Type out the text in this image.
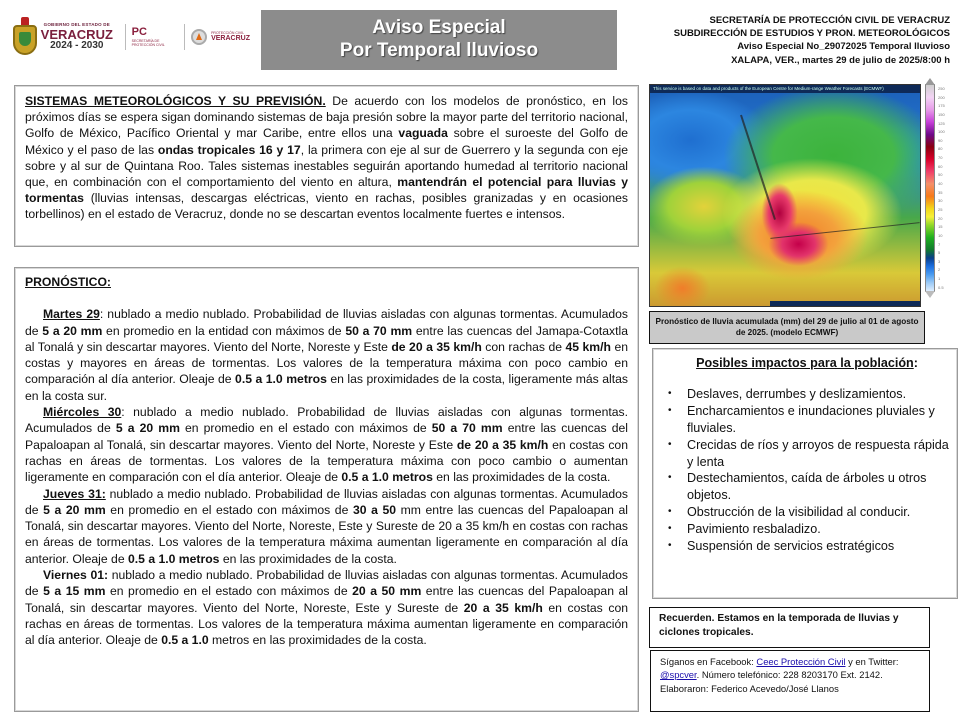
GOBIERNO DEL ESTADO DE
VERACRUZ
2024 - 2030
PC
SECRETARÍA DE PROTECCIÓN CIVIL
PROTECCIÓN CIVIL
VERACRUZ
Aviso Especial
Por Temporal lluvioso
SECRETARÍA DE PROTECCIÓN CIVIL DE VERACRUZ
SUBDIRECCIÓN DE ESTUDIOS Y PRON. METEOROLÓGICOS
Aviso Especial No_29072025 Temporal lluvioso
XALAPA, VER., martes 29 de julio de 2025/8:00 h
SISTEMAS METEOROLÓGICOS Y SU PREVISIÓN. De acuerdo con los modelos de pronóstico, en los próximos días se espera sigan dominando sistemas de baja presión sobre la mayor parte del territorio nacional, Golfo de México, Pacífico Oriental y mar Caribe, entre ellos una vaguada sobre el suroeste del Golfo de México y el paso de las ondas tropicales 16 y 17, la primera con eje al sur de Guerrero y la segunda con eje sobre y al sur de Quintana Roo. Tales sistemas inestables seguirán aportando humedad al territorio nacional que, en combinación con el comportamiento del viento en altura, mantendrán el potencial para lluvias y tormentas (lluvias intensas, descargas eléctricas, viento en rachas, posibles granizadas y en ocasiones torbellinos) en el estado de Veracruz, donde no se descartan eventos localmente fuertes e intensos.
PRONÓSTICO:

Martes 29: nublado a medio nublado. Probabilidad de lluvias aisladas con algunas tormentas. Acumulados de 5 a 20 mm en promedio en la entidad con máximos de 50 a 70 mm entre las cuencas del Jamapa-Cotaxtla al Tonalá y sin descartar mayores. Viento del Norte, Noreste y Este de 20 a 35 km/h con rachas de 45 km/h en costas y mayores en áreas de tormentas. Los valores de la temperatura máxima con poco cambio en comparación al día anterior. Oleaje de 0.5 a 1.0 metros en las proximidades de la costa, ligeramente más altas en la costa sur.

Miércoles 30: nublado a medio nublado. Probabilidad de lluvias aisladas con algunas tormentas. Acumulados de 5 a 20 mm en promedio en el estado con máximos de 50 a 70 mm entre las cuencas del Papaloapan al Tonalá, sin descartar mayores. Viento del Norte, Noreste y Este de 20 a 35 km/h en costas con rachas en áreas de tormentas. Los valores de la temperatura máxima con poco cambio o aumentan ligeramente en comparación con el día anterior. Oleaje de 0.5 a 1.0 metros en las proximidades de la costa.

Jueves 31: nublado a medio nublado. Probabilidad de lluvias aisladas con algunas tormentas. Acumulados de 5 a 20 mm en promedio en el estado con máximos de 30 a 50 mm entre las cuencas del Papaloapan al Tonalá, sin descartar mayores. Viento del Norte, Noreste, Este y Sureste de 20 a 35 km/h en costas con rachas en áreas de tormentas. Los valores de la temperatura máxima aumentan ligeramente en comparación al día anterior. Oleaje de 0.5 a 1.0 metros en las proximidades de la costa.

Viernes 01: nublado a medio nublado. Probabilidad de lluvias aisladas con algunas tormentas. Acumulados de 5 a 15 mm en promedio en el estado con máximos de 20 a 50 mm entre las cuencas del Papaloapan al Tonalá, sin descartar mayores. Viento del Norte, Noreste, Este y Sureste de 20 a 35 km/h en costas con rachas en áreas de tormentas. Los valores de la temperatura máxima aumentan ligeramente en comparación al día anterior. Oleaje de 0.5 a 1.0 metros en las proximidades de la costa.

This service is based on data and products of the European Centre for Medium-range Weather Forecasts (ECMWF)	250
200
175
150
125
100
90
80
70
60
50
40
35
30
25
20
15
10
7
5
3
2
1
0.5
Pronóstico de lluvia acumulada (mm) del 29 de julio al 01 de agosto de 2025. (modelo ECMWF)
Posibles impactos para la población:
• Deslaves, derrumbes y deslizamientos.
• Encharcamientos e inundaciones pluviales y fluviales.
• Crecidas de ríos y arroyos de respuesta rápida y lenta
• Destechamientos, caída de árboles u otros objetos.
• Obstrucción de la visibilidad al conducir.
• Pavimiento resbaladizo.
• Suspensión de servicios estratégicos
Recuerden. Estamos en la temporada de lluvias y ciclones tropicales.
Síganos en Facebook: Ceec Protección Civil y en Twitter: @spcver. Número telefónico: 228 8203170 Ext. 2142.
Elaboraron: Federico Acevedo/José Llanos
